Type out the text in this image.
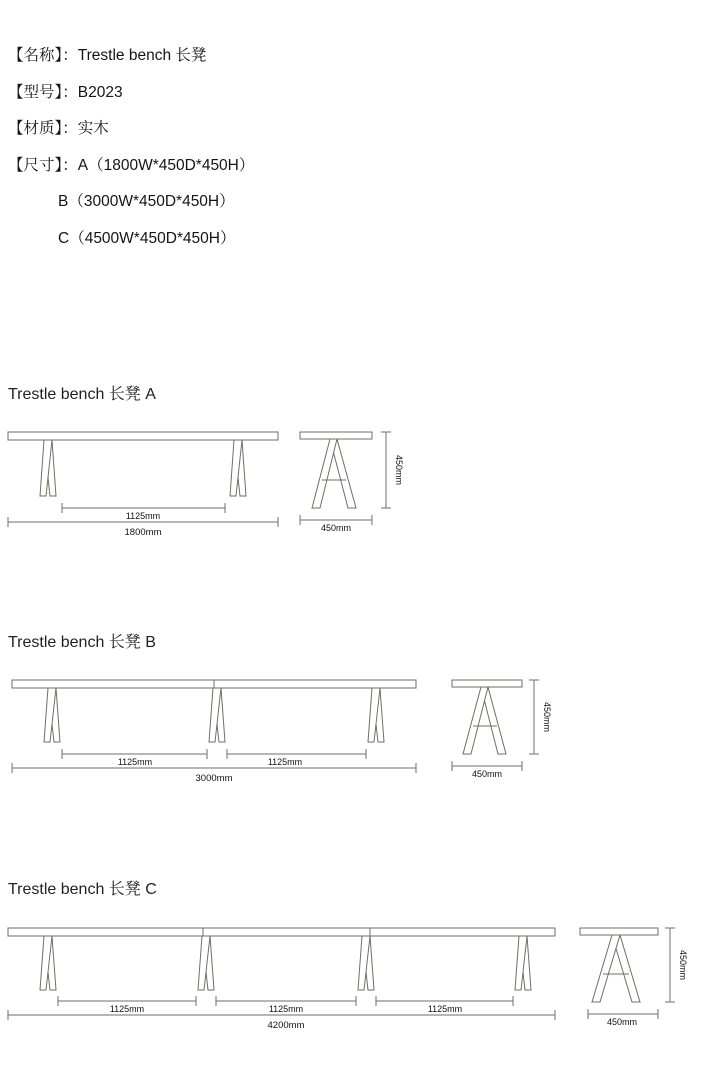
【名称】：Trestle bench 长凳
【型号】：B2023
【材质】：实木
【尺寸】：A（1800W*450D*450H）
B（3000W*450D*450H）
C（4500W*450D*450H）
Trestle bench 长凳 A
1125mm
1800mm	450mm
450mm
Trestle bench 长凳 B
1125mm	1125mm
3000mm	450mm
450mm
Trestle bench 长凳 C
1125mm	1125mm	1125mm
4200mm	450mm
450mm
